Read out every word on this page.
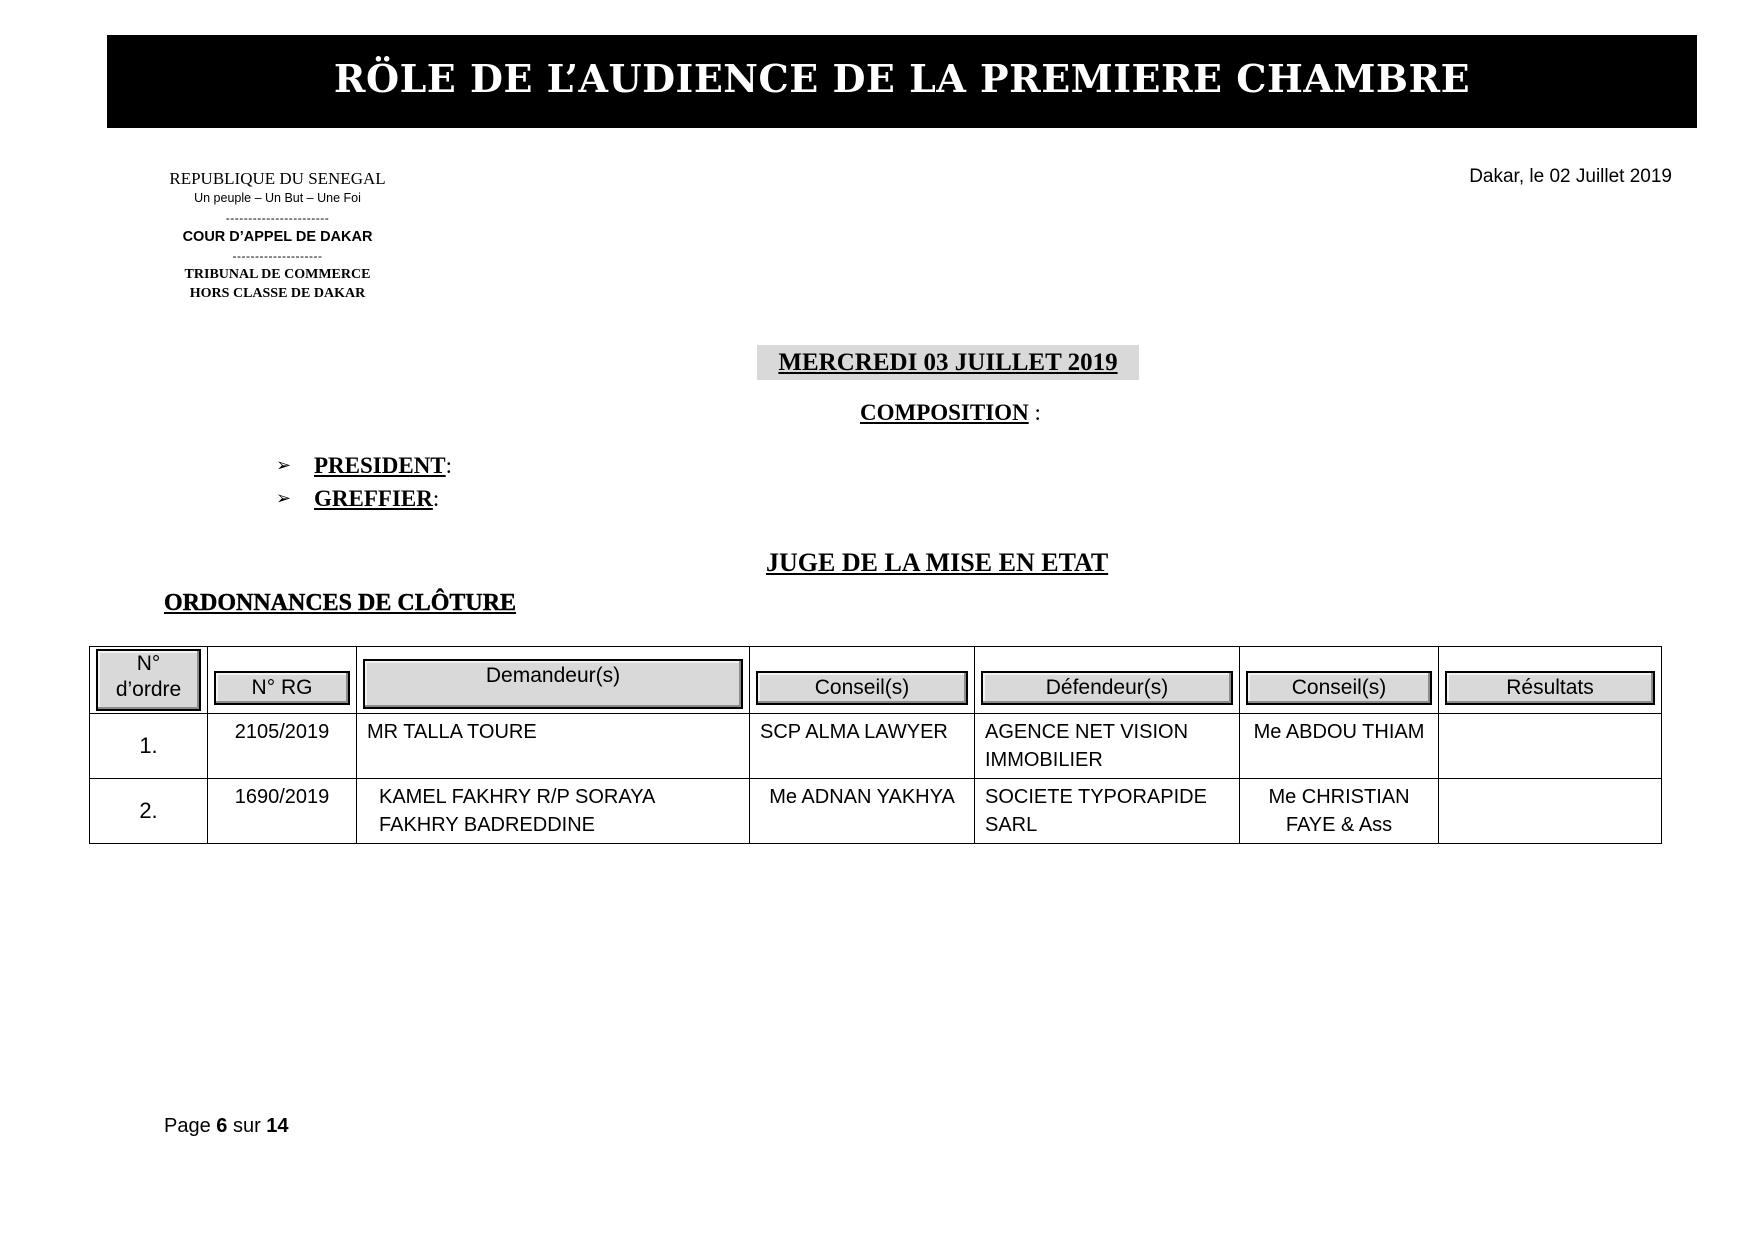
RÖLE DE L’AUDIENCE DE LA PREMIERE CHAMBRE
REPUBLIQUE DU SENEGAL
Un peuple – Un But – Une Foi
-----------------------
COUR D’APPEL DE DAKAR
--------------------
TRIBUNAL DE COMMERCE
HORS CLASSE DE DAKAR
Dakar, le 02 Juillet 2019
MERCREDI 03 JUILLET 2019
COMPOSITION :
➢ PRESIDENT :
➢ GREFFIER :
JUGE DE LA MISE EN ETAT
ORDONNANCES DE CLÔTURE
N°
d’ordre	N° RG	Demandeur(s)	Conseil(s)	Défendeur(s)	Conseil(s)	Résultats

1.	2105/2019	MR TALLA TOURE	SCP ALMA LAWYER	AGENCE NET VISION IMMOBILIER	Me ABDOU THIAM	
2.	1690/2019	KAMEL FAKHRY R/P SORAYA FAKHRY BADREDDINE	Me ADNAN YAKHYA	SOCIETE TYPORAPIDE SARL	Me CHRISTIAN FAYE & Ass	
Page 6 sur 14
